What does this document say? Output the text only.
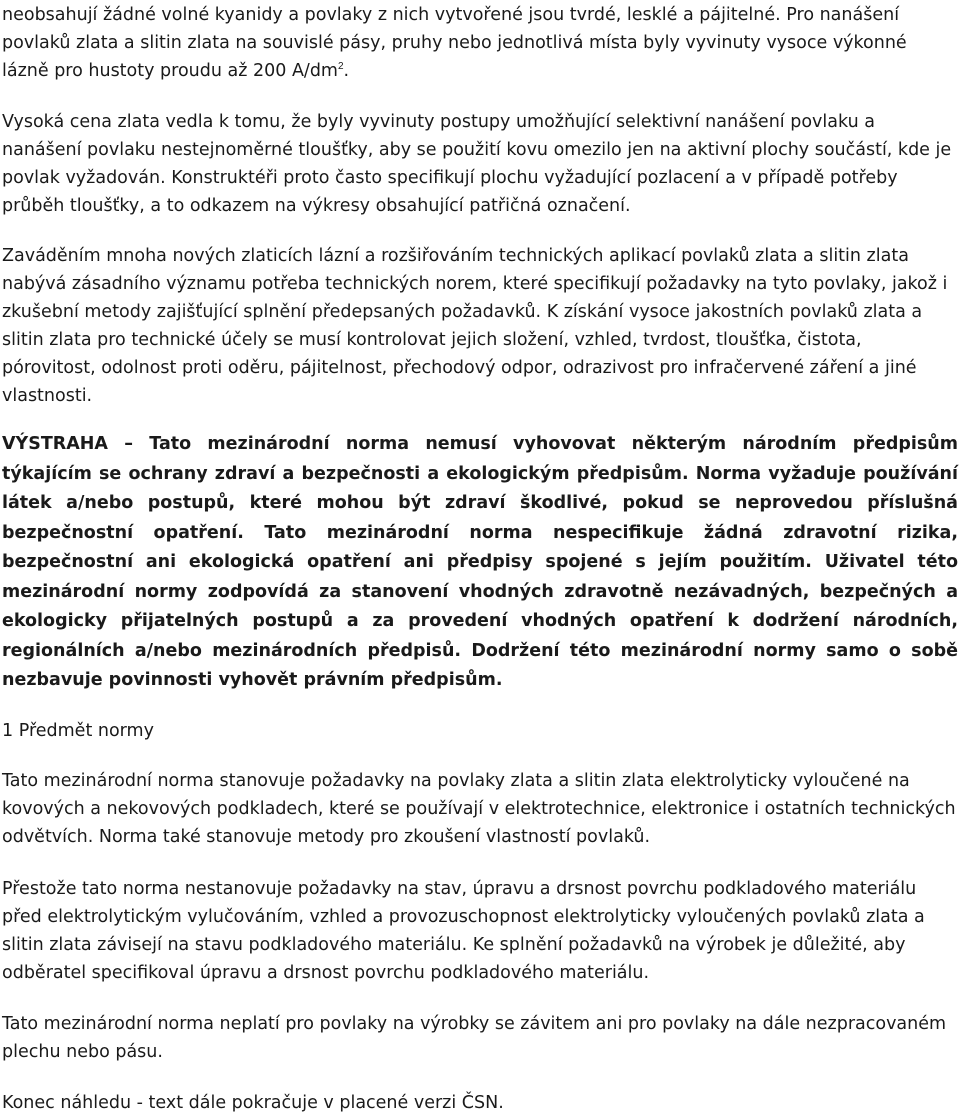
neobsahují žádné volné kyanidy a povlaky z nich vytvořené jsou tvrdé, lesklé a pájitelné. Pro nanášení povlaků zlata a slitin zlata na souvislé pásy, pruhy nebo jednotlivá místa byly vyvinuty vysoce výkonné lázně pro hustoty proudu až 200 $A/dm^2$.

Vysoká cena zlata vedla k tomu, že byly vyvinuty postupy umožňující selektivní nanášení povlaku a nanášení povlaku nestejnoměrné tloušťky, aby se použití kovu omezilo jen na aktivní plochy součástí, kde je povlak vyžadován. Konstruktéři proto často specifikují plochu vyžadující pozlacení a v případě potřeby průběh tloušťky, a to odkazem na výkresy obsahující patřičná označení.

Zaváděním mnoha nových zlaticích lázní a rozšiřováním technických aplikací povlaků zlata a slitin zlata nabývá zásadního významu potřeba technických norem, které specifikují požadavky na tyto povlaky, jakož i zkušební metody zajišťující splnění předepsaných požadavků. K získání vysoce jakostních povlaků zlata a slitin zlata pro technické účely se musí kontrolovat jejich složení, vzhled, tvrdost, tloušťka, čistota, pórovitost, odolnost proti oděru, pájitelnost, přechodový odpor, odrazivost pro infračervené záření a jiné vlastnosti.

VÝSTRAHA – Tato mezinárodní norma nemusí vyhovovat některým národním předpisům týkajícím se ochrany zdraví a bezpečnosti a ekologickým předpisům. Norma vyžaduje používání látek a/nebo postupů, které mohou být zdraví škodlivé, pokud se neprovedou příslušná bezpečnostní opatření. Tato mezinárodní norma nespecifikuje žádná zdravotní rizika, bezpečnostní ani ekologická opatření ani předpisy spojené s jejím použitím. Uživatel této mezinárodní normy zodpovídá za stanovení vhodných zdravotně nezávadných, bezpečných a ekologicky přijatelných postupů a za provedení vhodných opatření k dodržení národních, regionálních a/nebo mezinárodních předpisů. Dodržení této mezinárodní normy samo o sobě nezbavuje povinnosti vyhovět právním předpisům.

1 Předmět normy

Tato mezinárodní norma stanovuje požadavky na povlaky zlata a slitin zlata elektrolyticky vyloučené na kovových a nekovových podkladech, které se používají v elektrotechnice, elektronice i ostatních technických odvětvích. Norma také stanovuje metody pro zkoušení vlastností povlaků.

Přestože tato norma nestanovuje požadavky na stav, úpravu a drsnost povrchu podkladového materiálu před elektrolytickým vylučováním, vzhled a provozuschopnost elektrolyticky vyloučených povlaků zlata a slitin zlata závisejí na stavu podkladového materiálu. Ke splnění požadavků na výrobek je důležité, aby odběratel specifikoval úpravu a drsnost povrchu podkladového materiálu.

Tato mezinárodní norma neplatí pro povlaky na výrobky se závitem ani pro povlaky na dále nezpracovaném plechu nebo pásu.

Konec náhledu - text dále pokračuje v placené verzi ČSN.
